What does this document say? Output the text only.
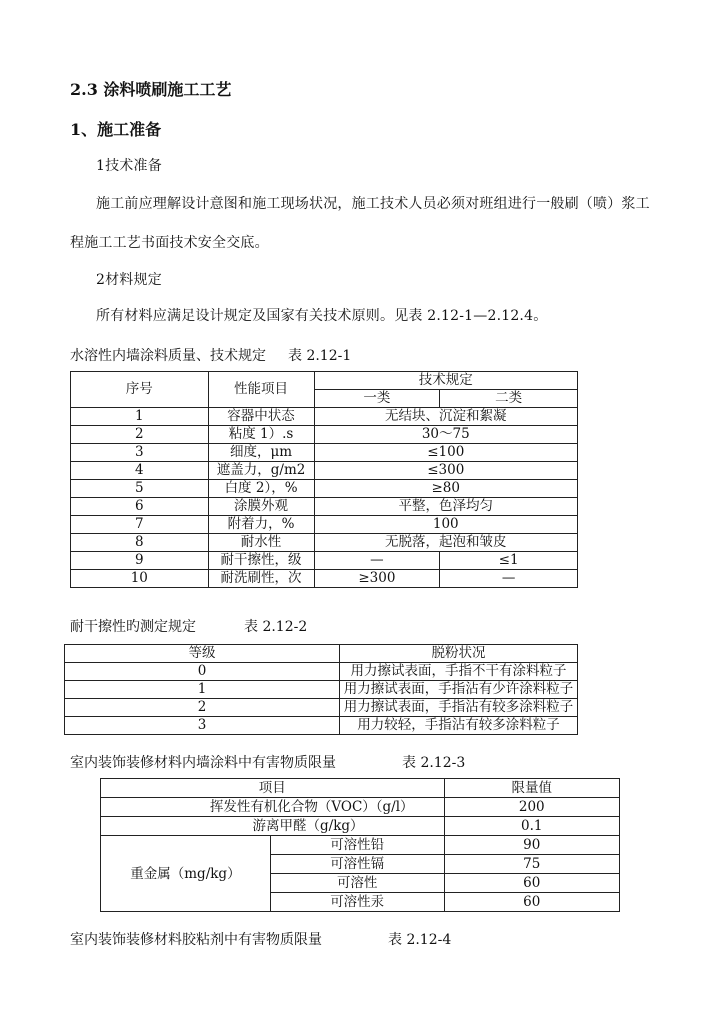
2.3 涂料喷刷施工工艺
1、施工准备
1技术准备
施工前应理解设计意图和施工现场状况，施工技术人员必须对班组进行一般刷（喷）浆工
程施工工艺书面技术安全交底。
2材料规定
所有材料应满足设计规定及国家有关技术原则。见表 2.12-1—2.12.4。
水溶性内墙涂料质量、技术规定 表 2.12-1
序号	性能项目	技术规定	
		一类	二类
1	容器中状态	无结块、沉淀和絮凝	
2	粘度 1）.s	30～75	
3	细度，μm	≤100	
4	遮盖力，g/m2	≤300	
5	白度 2），%	≥80	
6	涂膜外观	平整，色泽均匀	
7	附着力，%	100	
8	耐水性	无脱落，起泡和皱皮	
9	耐干擦性，级	—	≤1
10	耐洗刷性，次	≥300	—
耐干擦性旳测定规定	表 2.12-2
等级	脱粉状况
0	用力擦试表面，手指不干有涂料粒子
1	用力擦试表面，手指沾有少许涂料粒子
2	用力擦试表面，手指沾有较多涂料粒子
3	用力较轻，手指沾有较多涂料粒子
室内装饰装修材料内墙涂料中有害物质限量	表 2.12-3
项目		限量值
挥发性有机化合物（VOC）（g/l）		200
游离甲醛（g/kg）		0.1
重金属（mg/kg）	可溶性铅	90
	可溶性镉	75
	可溶性	60
	可溶性汞	60
室内装饰装修材料胶粘剂中有害物质限量	表 2.12-4
